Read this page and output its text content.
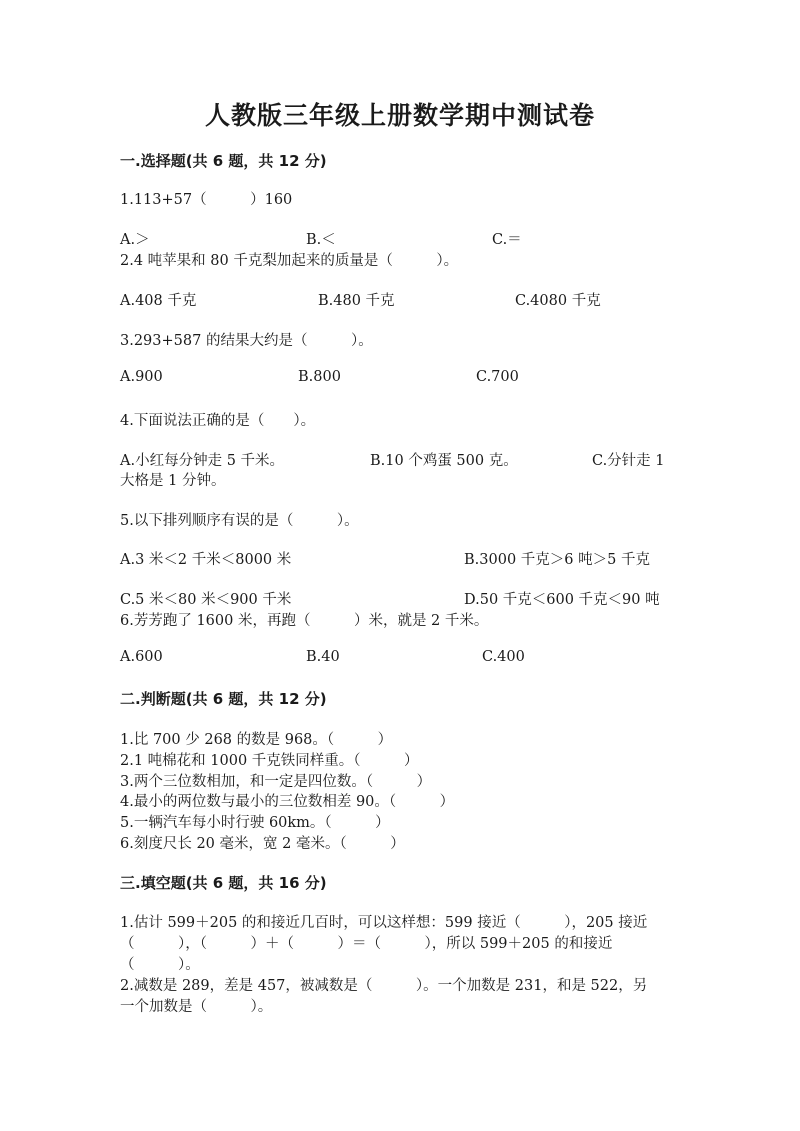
人教版三年级上册数学期中测试卷
一.选择题(共 6 题，共 12 分)
1.113+57（　　　）160
A.＞	B.＜	C.＝
2.4 吨苹果和 80 千克梨加起来的质量是（　　　）。
A.408 千克	B.480 千克	C.4080 千克
3.293+587 的结果大约是（　　　）。
A.900	B.800	C.700
4.下面说法正确的是（　　）。
A.小红每分钟走 5 千米。	B.10 个鸡蛋 500 克。	C.分针走 1
大格是 1 分钟。
5.以下排列顺序有误的是（　　　）。
A.3 米＜2 千米＜8000 米	B.3000 千克＞6 吨＞5 千克
C.5 米＜80 米＜900 千米	D.50 千克＜600 千克＜90 吨
6.芳芳跑了 1600 米，再跑（　　　）米，就是 2 千米。
A.600	B.40	C.400
二.判断题(共 6 题，共 12 分)
1.比 700 少 268 的数是 968。（　　　）
2.1 吨棉花和 1000 千克铁同样重。（　　　）
3.两个三位数相加，和一定是四位数。（　　　）
4.最小的两位数与最小的三位数相差 90。（　　　）
5.一辆汽车每小时行驶 60km。（　　　）
6.刻度尺长 20 毫米，宽 2 毫米。（　　　）
三.填空题(共 6 题，共 16 分)
1.估计 599＋205 的和接近几百时，可以这样想：599 接近（　　　），205 接近
（　　　），（　　　）＋（　　　）＝（　　　），所以 599＋205 的和接近
（　　　）。
2.减数是 289，差是 457，被减数是（　　　）。一个加数是 231，和是 522，另
一个加数是（　　　）。
